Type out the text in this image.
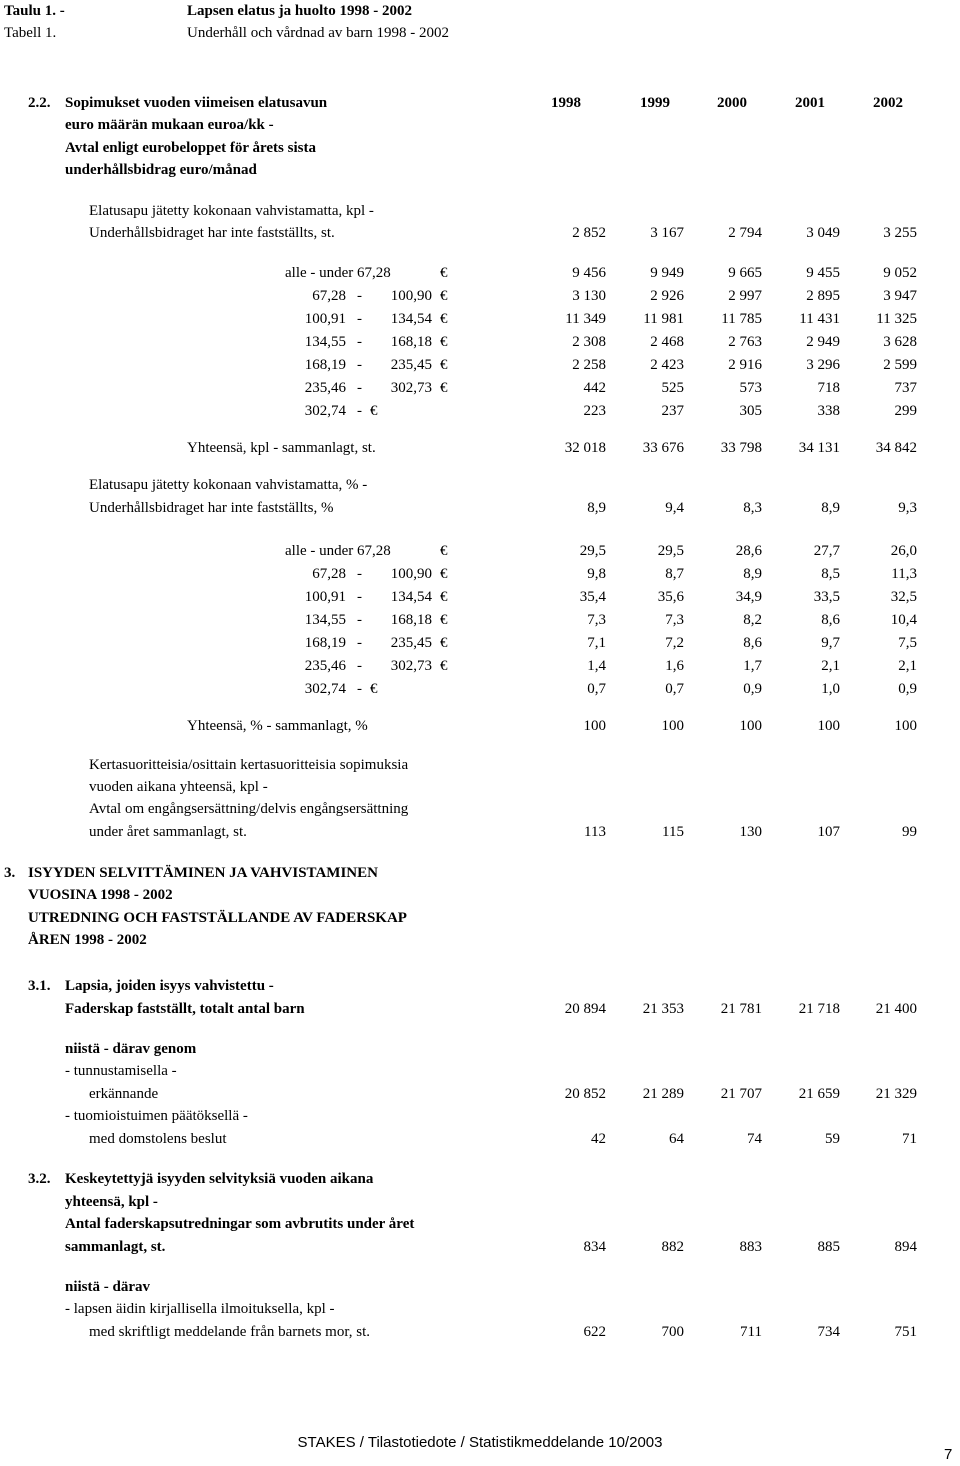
Taulu 1. -	Lapsen elatus ja huolto 1998 - 2002
Tabell 1.	Underhåll och vårdnad av barn 1998 - 2002
2.2. Sopimukset vuoden viimeisen elatusavun
euro määrän mukaan euroa/kk -
Avtal enligt eurobeloppet för årets sista
underhållsbidrag euro/månad
1998	1999	2000	2001	2002
Elatusapu jätetty kokonaan vahvistamatta, kpl -
Underhållsbidraget har inte fastställts, st.	2 852	3 167	2 794	3 049	3 255
alle - under 67,28	€	9 456	9 949	9 665	9 455	9 052
67,28 -	100,90 €	3 130	2 926	2 997	2 895	3 947
100,91 -	134,54 €	11 349	11 981	11 785	11 431	11 325
134,55 -	168,18 €	2 308	2 468	2 763	2 949	3 628
168,19 -	235,45 €	2 258	2 423	2 916	3 296	2 599
235,46 -	302,73 €	442	525	573	718	737
302,74 - €	223	237	305	338	299
Yhteensä, kpl - sammanlagt, st.	32 018	33 676	33 798	34 131	34 842
Elatusapu jätetty kokonaan vahvistamatta, % -
Underhållsbidraget har inte fastställts, %	8,9	9,4	8,3	8,9	9,3
alle - under 67,28	€	29,5	29,5	28,6	27,7	26,0
67,28 -	100,90 €	9,8	8,7	8,9	8,5	11,3
100,91 -	134,54 €	35,4	35,6	34,9	33,5	32,5
134,55 -	168,18 €	7,3	7,3	8,2	8,6	10,4
168,19 -	235,45 €	7,1	7,2	8,6	9,7	7,5
235,46 -	302,73 €	1,4	1,6	1,7	2,1	2,1
302,74 - €	0,7	0,7	0,9	1,0	0,9
Yhteensä, % - sammanlagt, %	100	100	100	100	100
Kertasuoritteisia/osittain kertasuoritteisia sopimuksia
vuoden aikana yhteensä, kpl -
Avtal om engångsersättning/delvis engångsersättning
under året sammanlagt, st.	113	115	130	107	99
3. ISYYDEN SELVITTÄMINEN JA VAHVISTAMINEN
VUOSINA 1998 - 2002
UTREDNING OCH FASTSTÄLLANDE AV FADERSKAP
ÅREN 1998 - 2002
3.1. Lapsia, joiden isyys vahvistettu -
Faderskap fastställt, totalt antal barn	20 894	21 353	21 781	21 718	21 400
niistä - därav genom
- tunnustamisella -
erkännande	20 852	21 289	21 707	21 659	21 329
- tuomioistuimen päätöksellä -
med domstolens beslut	42	64	74	59	71
3.2. Keskeytettyjä isyyden selvityksiä vuoden aikana
yhteensä, kpl -
Antal faderskapsutredningar som avbrutits under året
sammanlagt, st.	834	882	883	885	894
niistä - därav
- lapsen äidin kirjallisella ilmoituksella, kpl -
med skriftligt meddelande från barnets mor, st.	622	700	711	734	751
STAKES / Tilastotiedote / Statistikmeddelande 10/2003
7
